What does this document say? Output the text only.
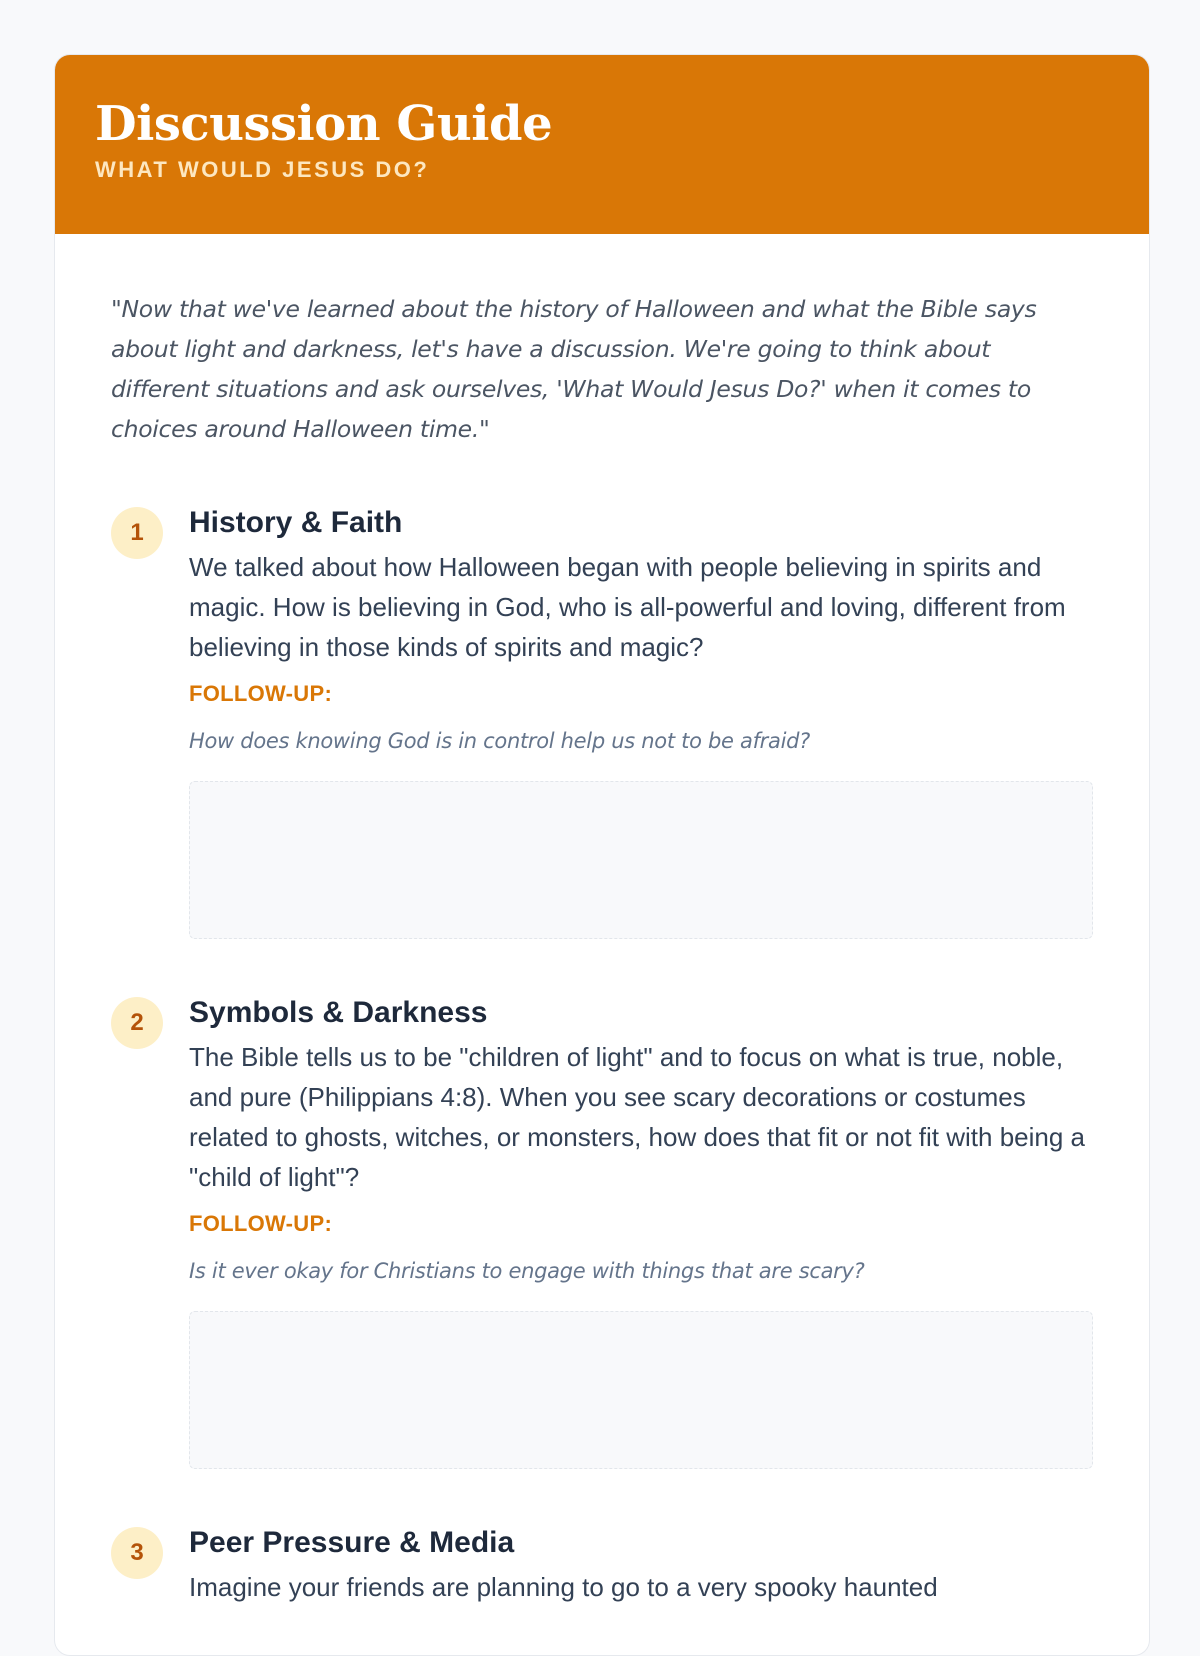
Discussion Guide
WHAT WOULD JESUS DO?

"Now that we've learned about the history of Halloween and what the Bible says about light and darkness, let's have a discussion. We're going to think about different situations and ask ourselves, 'What Would Jesus Do?' when it comes to choices around Halloween time."

1	History & Faith

We talked about how Halloween began with people believing in spirits and magic. How is believing in God, who is all-powerful and loving, different from believing in those kinds of spirits and magic?

FOLLOW-UP:
How does knowing God is in control help us not to be afraid?
2	Symbols & Darkness

The Bible tells us to be "children of light" and to focus on what is true, noble, and pure (Philippians 4:8). When you see scary decorations or costumes related to ghosts, witches, or monsters, how does that fit or not fit with being a "child of light"?

FOLLOW-UP:
Is it ever okay for Christians to engage with things that are scary?
3	Peer Pressure & Media

Imagine your friends are planning to go to a very spooky haunted
